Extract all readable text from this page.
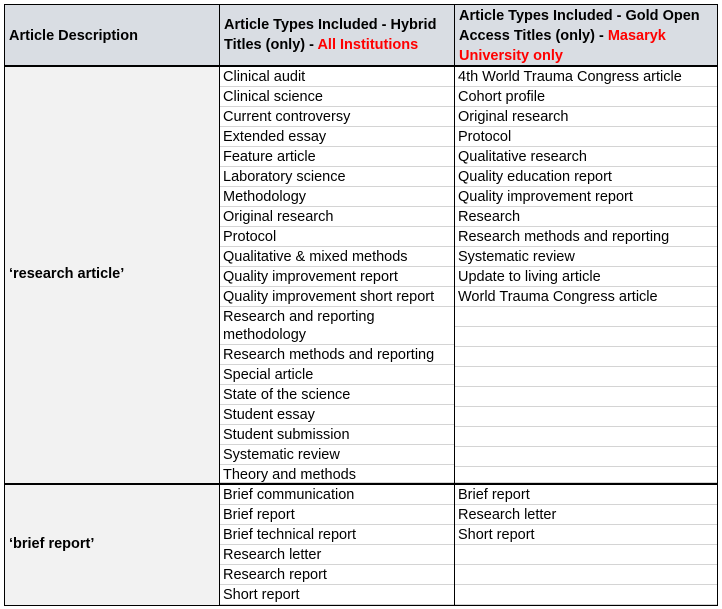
Article Description
Article Types Included - Hybrid Titles (only) - All Institutions
Article Types Included - Gold Open Access Titles (only) - Masaryk University only
‘research article’
Clinical audit
Clinical science
Current controversy
Extended essay
Feature article
Laboratory science
Methodology
Original research
Protocol
Qualitative & mixed methods
Quality improvement report
Quality improvement short report
Research and reporting methodology
Research methods and reporting
Special article
State of the science
Student essay
Student submission
Systematic review
Theory and methods
4th World Trauma Congress article
Cohort profile
Original research
Protocol
Qualitative research
Quality education report
Quality improvement report
Research
Research methods and reporting
Systematic review
Update to living article
World Trauma Congress article
‘brief report’
Brief communication
Brief report
Brief technical report
Research letter
Research report
Short report
Brief report
Research letter
Short report
